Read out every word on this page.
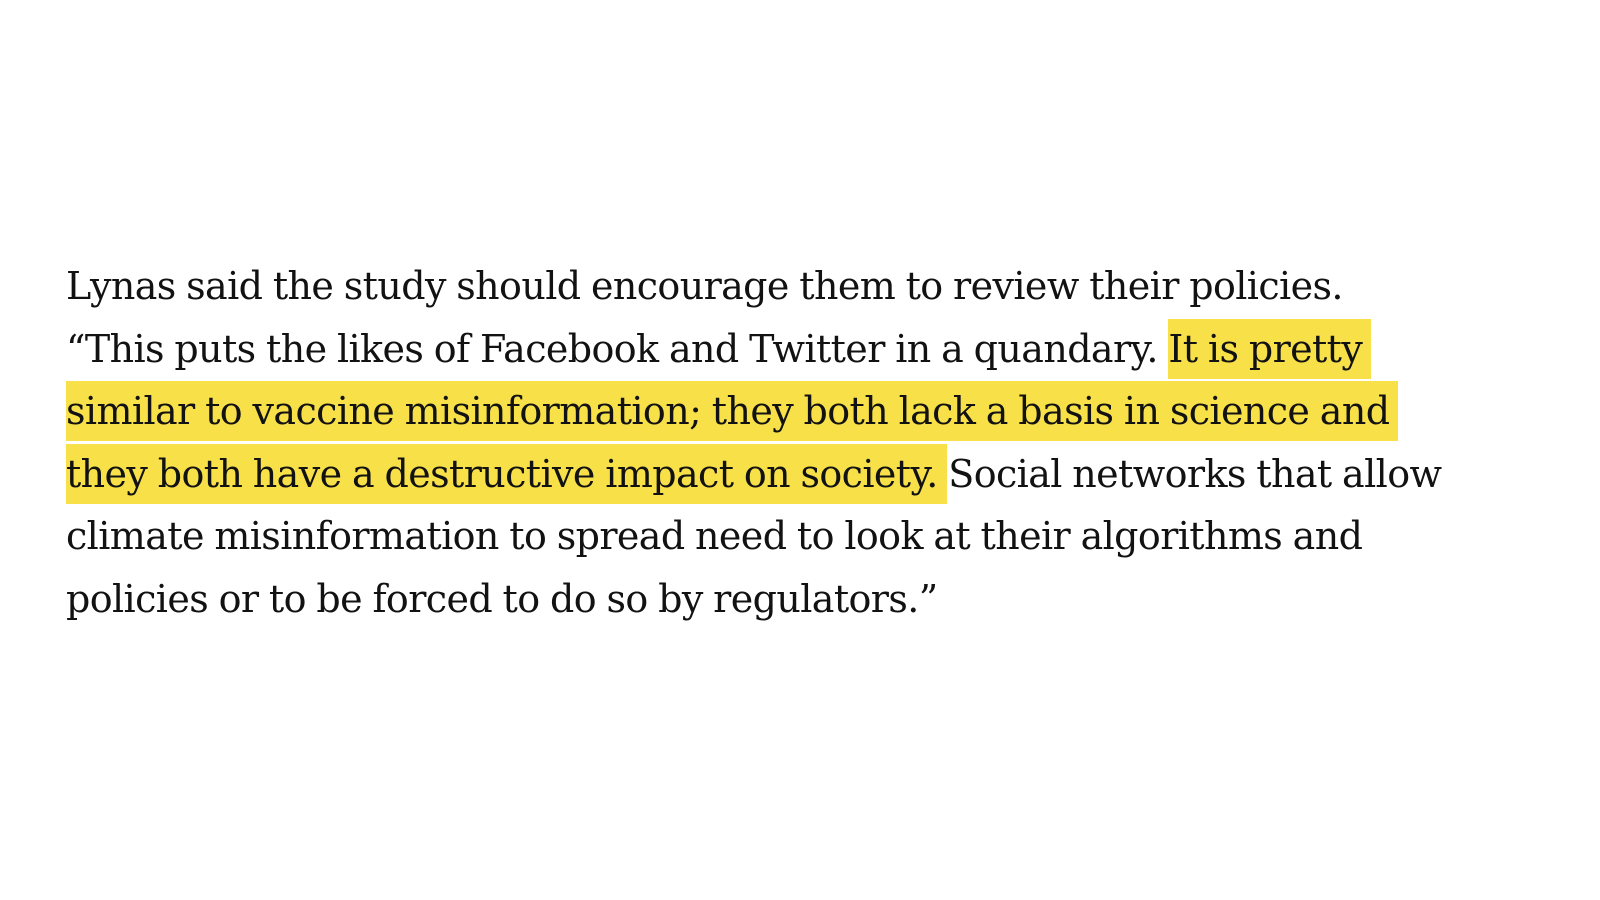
Lynas said the study should encourage them to review their policies.
“This puts the likes of Facebook and Twitter in a quandary. It is pretty
similar to vaccine misinformation; they both lack a basis in science and
they both have a destructive impact on society. Social networks that allow
climate misinformation to spread need to look at their algorithms and
policies or to be forced to do so by regulators.”
